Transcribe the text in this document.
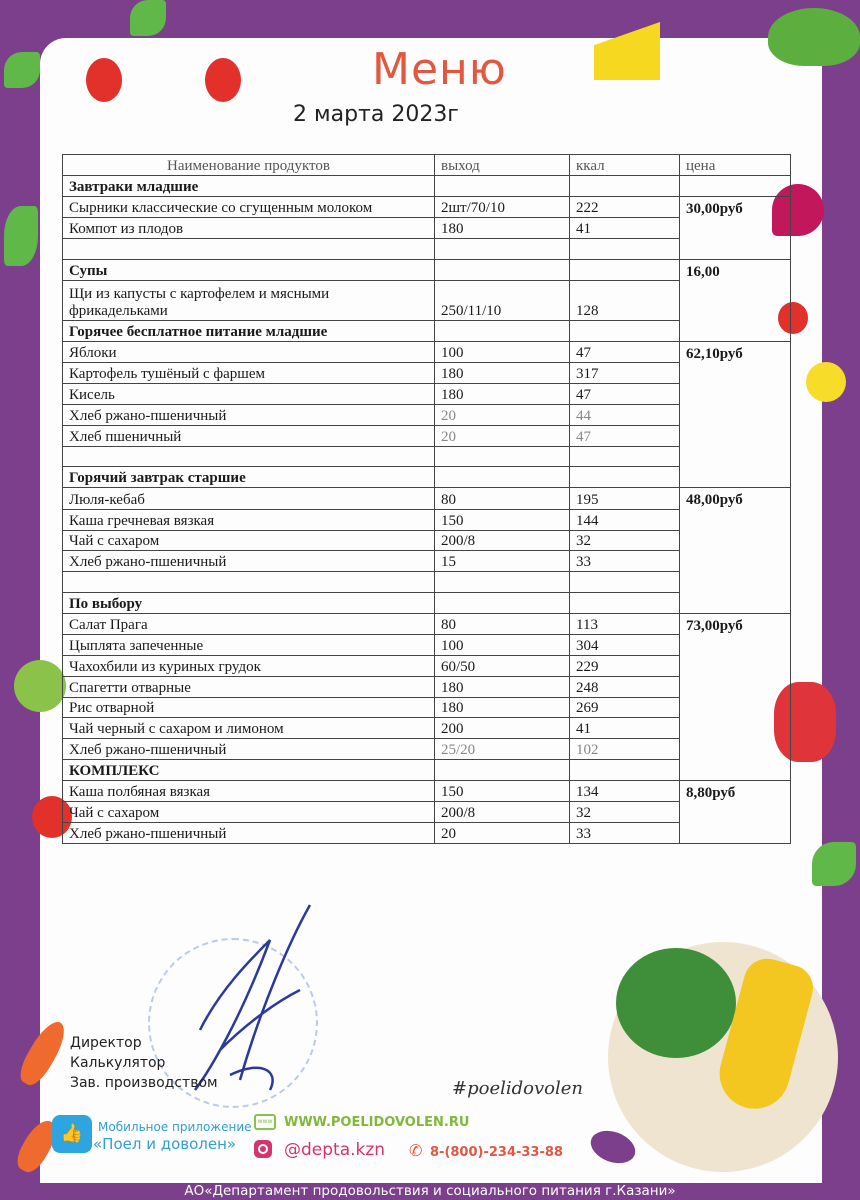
Меню
2 марта 2023г
Наименование продуктов	выход	ккал	цена
Завтраки младшие			
Сырники классические со сгущенным молоком	2шт/70/10	222	30,00руб
Компот из плодов	180	41	

Супы			16,00
Щи из капусты с картофелем и мясными фрикадельками	250/11/10	128	
Горячее бесплатное питание младшие			
Яблоки	100	47	62,10руб
Картофель тушёный с фаршем	180	317	
Кисель	180	47	
Хлеб ржано-пшеничный	20	44	
Хлеб пшеничный	20	47	

Горячий завтрак старшие			
Люля-кебаб	80	195	48,00руб
Каша гречневая вязкая	150	144	
Чай с сахаром	200/8	32	
Хлеб ржано-пшеничный	15	33	

По выбору			
Салат Прага	80	113	73,00руб
Цыплята запеченные	100	304	
Чахохбили из куриных грудок	60/50	229	
Спагетти отварные	180	248	
Рис отварной	180	269	
Чай черный с сахаром и лимоном	200	41	
Хлеб ржано-пшеничный	25/20	102	
КОМПЛЕКС			
Каша полбяная вязкая	150	134	8,80руб
Чай с сахаром	200/8	32	
Хлеб ржано-пшеничный	20	33	
Директор
Калькулятор
Зав. производством	#poelidovolen
👍	Мобильное приложение
«Поел и доволен»
www WWW.POELIDOVOLEN.RU
@depta.kzn ✆ 8-(800)-234-33-88
АО«Департамент продовольствия и социального питания г.Казани»
